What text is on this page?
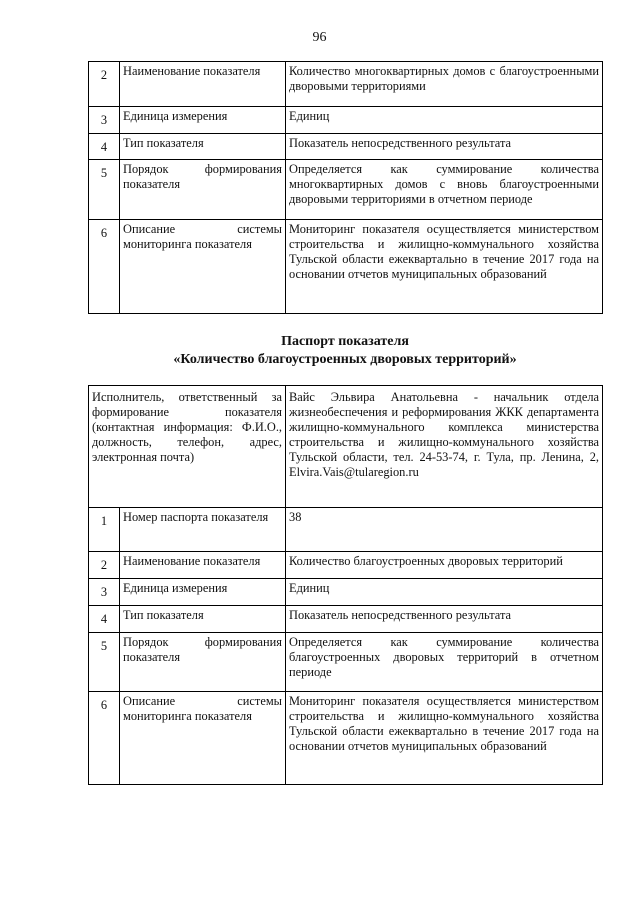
96
2	Наименование показателя	Количество многоквартирных домов с благоустроенными дворовыми территориями
3	Единица измерения	Единиц
4	Тип показателя	Показатель непосредственного результата
5	Порядок формирования показателя	Определяется как суммирование количества многоквартирных домов с вновь благоустроенными дворовыми территориями в отчетном периоде
6	Описание системы мониторинга показателя	Мониторинг показателя осуществляется министерством строительства и жилищно-коммунального хозяйства Тульской области ежеквартально в течение 2017 года на основании отчетов муниципальных образований
Паспорт показателя
«Количество благоустроенных дворовых территорий»
Исполнитель, ответственный за формирование показателя (контактная информация: Ф.И.О., должность, телефон, адрес, электронная почта)		Вайс Эльвира Анатольевна - начальник отдела жизнеобеспечения и реформирования ЖКК департамента жилищно-коммунального комплекса министерства строительства и жилищно-коммунального хозяйства Тульской области, тел. 24-53-74, г. Тула, пр. Ленина, 2, Elvira.Vais@tularegion.ru
1	Номер паспорта показателя	38
2	Наименование показателя	Количество благоустроенных дворовых территорий
3	Единица измерения	Единиц
4	Тип показателя	Показатель непосредственного результата
5	Порядок формирования показателя	Определяется как суммирование количества благоустроенных дворовых территорий в отчетном периоде
6	Описание системы мониторинга показателя	Мониторинг показателя осуществляется министерством строительства и жилищно-коммунального хозяйства Тульской области ежеквартально в течение 2017 года на основании отчетов муниципальных образований
